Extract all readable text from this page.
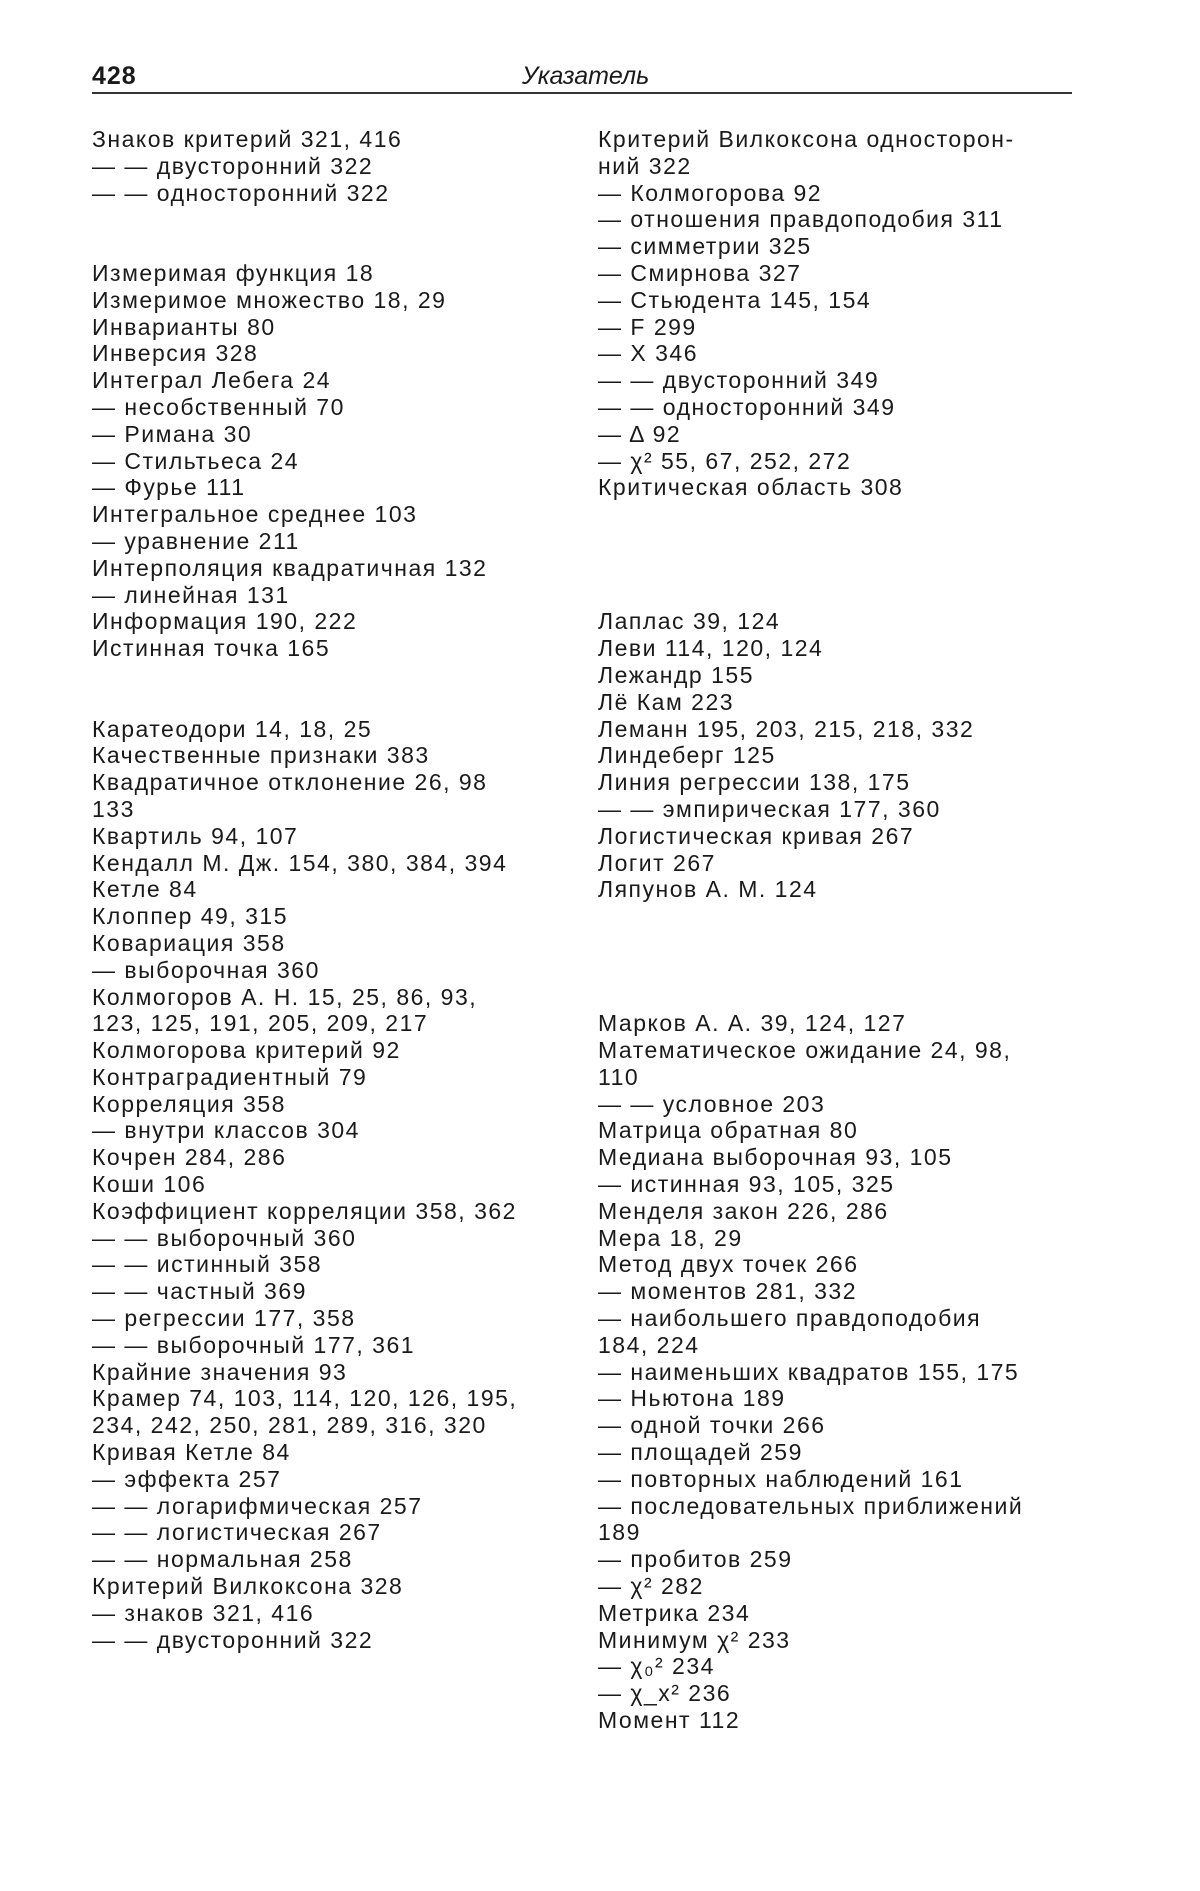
428	Указатель
Знаков критерий 321, 416
— — двусторонний 322
— — односторонний 322
Измеримая функция 18
Измеримое множество 18, 29
Инварианты 80
Инверсия 328
Интеграл Лебега 24
— несобственный 70
— Римана 30
— Стильтьеса 24
— Фурье 111
Интегральное среднее 103
— уравнение 211
Интерполяция квадратичная 132
— линейная 131
Информация 190, 222
Истинная точка 165
Каратеодори 14, 18, 25
Качественные признаки 383
Квадратичное отклонение 26, 98
133
Квартиль 94, 107
Кендалл М. Дж. 154, 380, 384, 394
Кетле 84
Клоппер 49, 315
Ковариация 358
— выборочная 360
Колмогоров А. Н. 15, 25, 86, 93,
123, 125, 191, 205, 209, 217
Колмогорова критерий 92
Контраградиентный 79
Корреляция 358
— внутри классов 304
Кочрен 284, 286
Коши 106
Коэффициент корреляции 358, 362
— — выборочный 360
— — истинный 358
— — частный 369
— регрессии 177, 358
— — выборочный 177, 361
Крайние значения 93
Крамер 74, 103, 114, 120, 126, 195,
234, 242, 250, 281, 289, 316, 320
Кривая Кетле 84
— эффекта 257
— — логарифмическая 257
— — логистическая 267
— — нормальная 258
Критерий Вилкоксона 328
— знаков 321, 416
— — двусторонний 322
Критерий Вилкоксона односторон-
ний 322
— Колмогорова 92
— отношения правдоподобия 311
— симметрии 325
— Смирнова 327
— Стьюдента 145, 154
— F 299
— X 346
— — двусторонний 349
— — односторонний 349
— Δ 92
— χ² 55, 67, 252, 272
Критическая область 308
Лаплас 39, 124
Леви 114, 120, 124
Лежандр 155
Лё Кам 223
Леманн 195, 203, 215, 218, 332
Линдеберг 125
Линия регрессии 138, 175
— — эмпирическая 177, 360
Логистическая кривая 267
Логит 267
Ляпунов А. М. 124
Марков А. А. 39, 124, 127
Математическое ожидание 24, 98,
110
— — условное 203
Матрица обратная 80
Медиана выборочная 93, 105
— истинная 93, 105, 325
Менделя закон 226, 286
Мера 18, 29
Метод двух точек 266
— моментов 281, 332
— наибольшего правдоподобия
184, 224
— наименьших квадратов 155, 175
— Ньютона 189
— одной точки 266
— площадей 259
— повторных наблюдений 161
— последовательных приближений
189
— пробитов 259
— χ² 282
Метрика 234
Минимум χ² 233
— χ₀² 234
— χ_x² 236
Момент 112
